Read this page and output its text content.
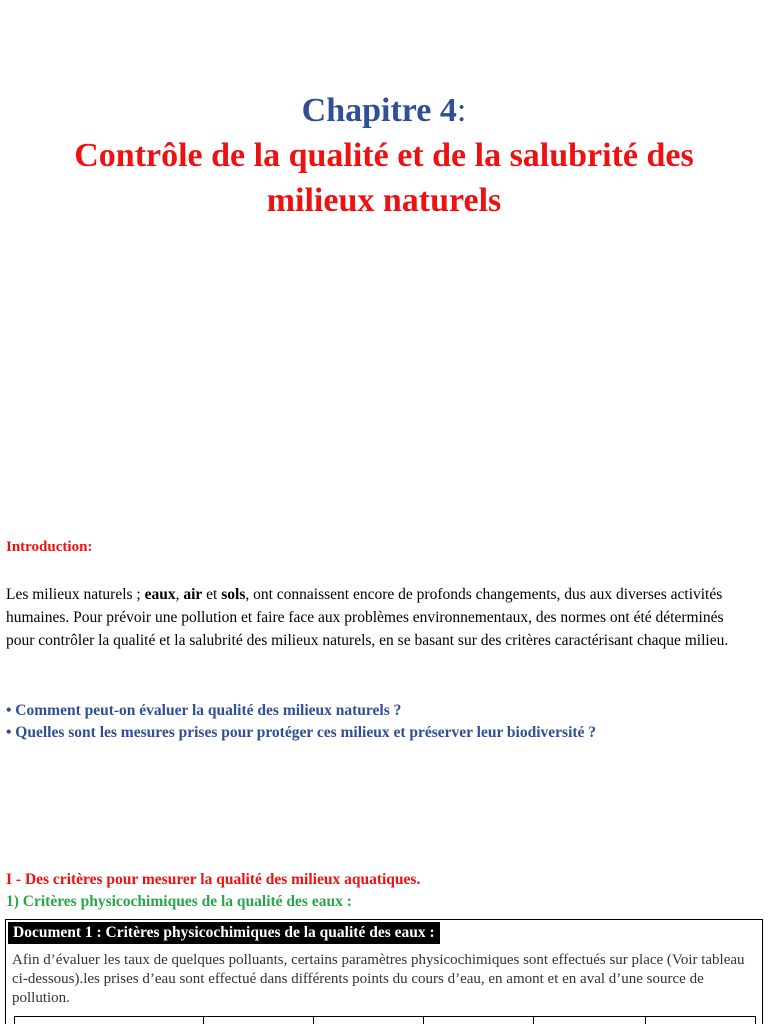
Chapitre 4:
Contrôle de la qualité et de la salubrité des
milieux naturels
Introduction:

Les milieux naturels ; eaux, air et sols, ont connaissent encore de profonds changements, dus aux diverses activités humaines. Pour prévoir une pollution et faire face aux problèmes environnementaux, des normes ont été déterminés pour contrôler la qualité et la salubrité des milieux naturels, en se basant sur des critères caractérisant chaque milieu.

• Comment peut-on évaluer la qualité des milieux naturels ?
• Quelles sont les mesures prises pour protéger ces milieux et préserver leur biodiversité ?
I - Des critères pour mesurer la qualité des milieux aquatiques.
1) Critères physicochimiques de la qualité des eaux :
Document 1 : Critères physicochimiques de la qualité des eaux :

Afin d’évaluer les taux de quelques polluants, certains paramètres physicochimiques sont effectués sur place (Voir tableau ci-dessous).les prises d’eau sont effectué dans différents points du cours d’eau, en amont et en aval d’une source de pollution.
